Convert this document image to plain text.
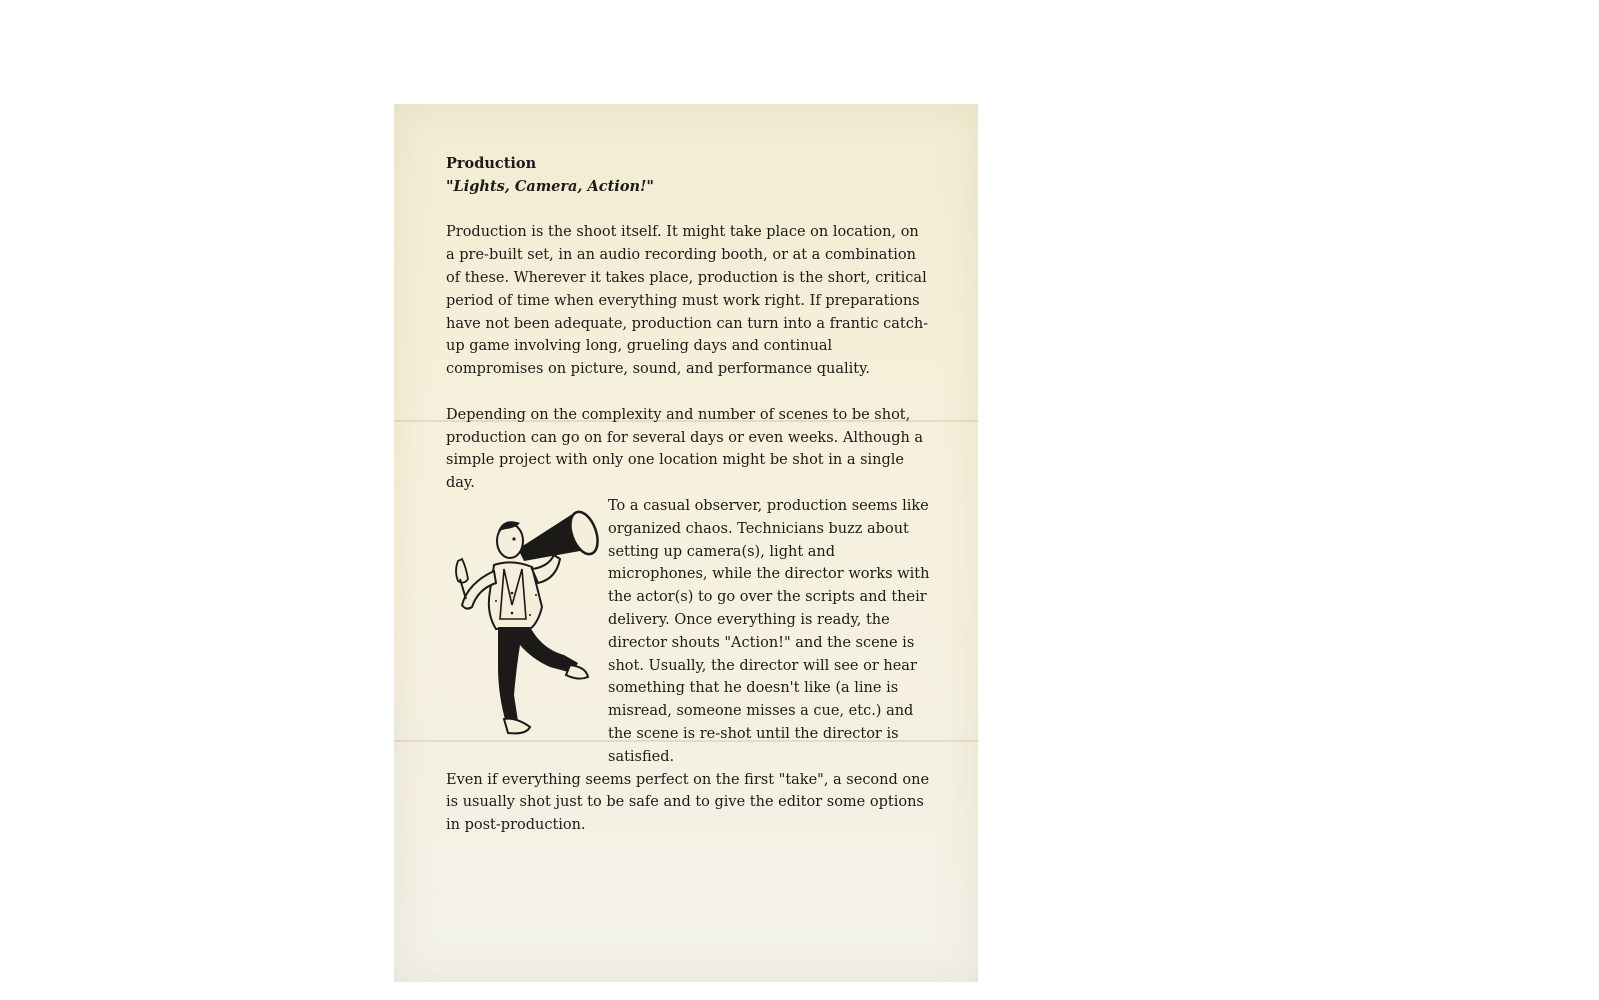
Production
"Lights, Camera, Action!"

Production is the shoot itself. It might take place on location, on a pre-built set, in an audio recording booth, or at a combination of these. Wherever it takes place, production is the short, critical period of time when everything must work right. If preparations have not been adequate, production can turn into a frantic catch-up game involving long, grueling days and continual compromises on picture, sound, and performance quality.

Depending on the complexity and number of scenes to be shot, production can go on for several days or even weeks. Although a simple project with only one location might be shot in a single day.

To a casual observer, production seems like organized chaos. Technicians buzz about setting up camera(s), light and microphones, while the director works with the actor(s) to go over the scripts and their delivery. Once everything is ready, the director shouts "Action!" and the scene is shot. Usually, the director will see or hear something that he doesn't like (a line is misread, someone misses a cue, etc.) and the scene is re-shot until the director is satisfied.

Even if everything seems perfect on the first "take", a second one is usually shot just to be safe and to give the editor some options in post-production.
